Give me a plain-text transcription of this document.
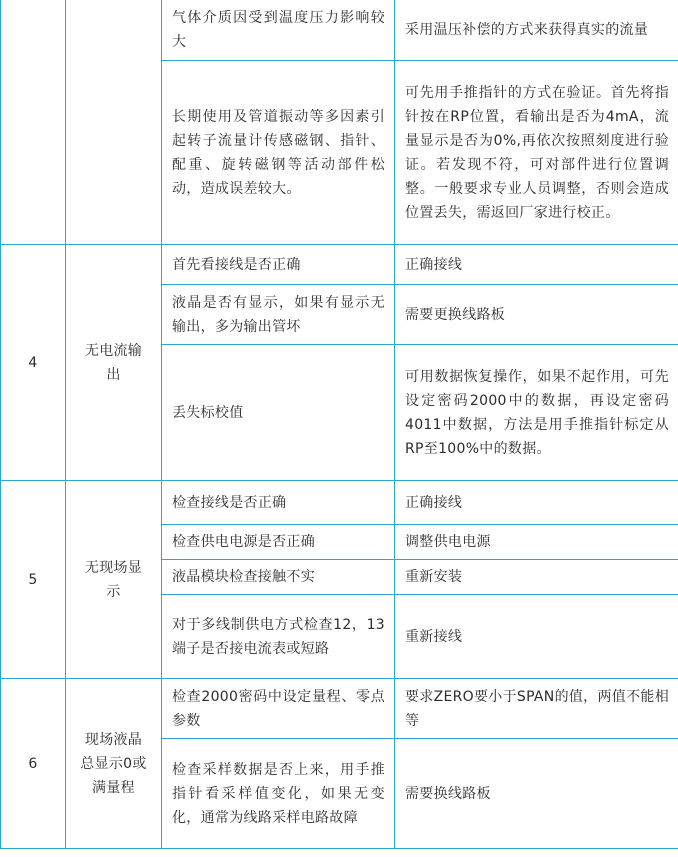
		气体介质因受到温度压力影响较大	采用温压补偿的方式来获得真实的流量
		长期使用及管道振动等多因素引起转子流量计传感磁钢、指针、配重、旋转磁钢等活动部件松动，造成误差较大。	可先用手推指针的方式在验证。首先将指针按在RP位置，看输出是否为4mA，流量显示是否为0%,再依次按照刻度进行验证。若发现不符，可对部件进行位置调整。一般要求专业人员调整，否则会造成位置丢失，需返回厂家进行校正。
4	无电流输出	首先看接线是否正确	正确接线
		液晶是否有显示，如果有显示无输出，多为输出管坏	需要更换线路板
		丢失标校值	可用数据恢复操作，如果不起作用，可先设定密码2000中的数据，再设定密码4011中数据，方法是用手推指针标定从RP至100%中的数据。
5	无现场显示	检查接线是否正确	正确接线
		检查供电电源是否正确	调整供电电源
		液晶模块检查接触不实	重新安装
		对于多线制供电方式检查12，13端子是否接电流表或短路	重新接线
6	现场液晶总显示0或满量程	检查2000密码中设定量程、零点参数	要求ZERO要小于SPAN的值，两值不能相等
		检查采样数据是否上来，用手推指针看采样值变化，如果无变化，通常为线路采样电路故障	需要换线路板
